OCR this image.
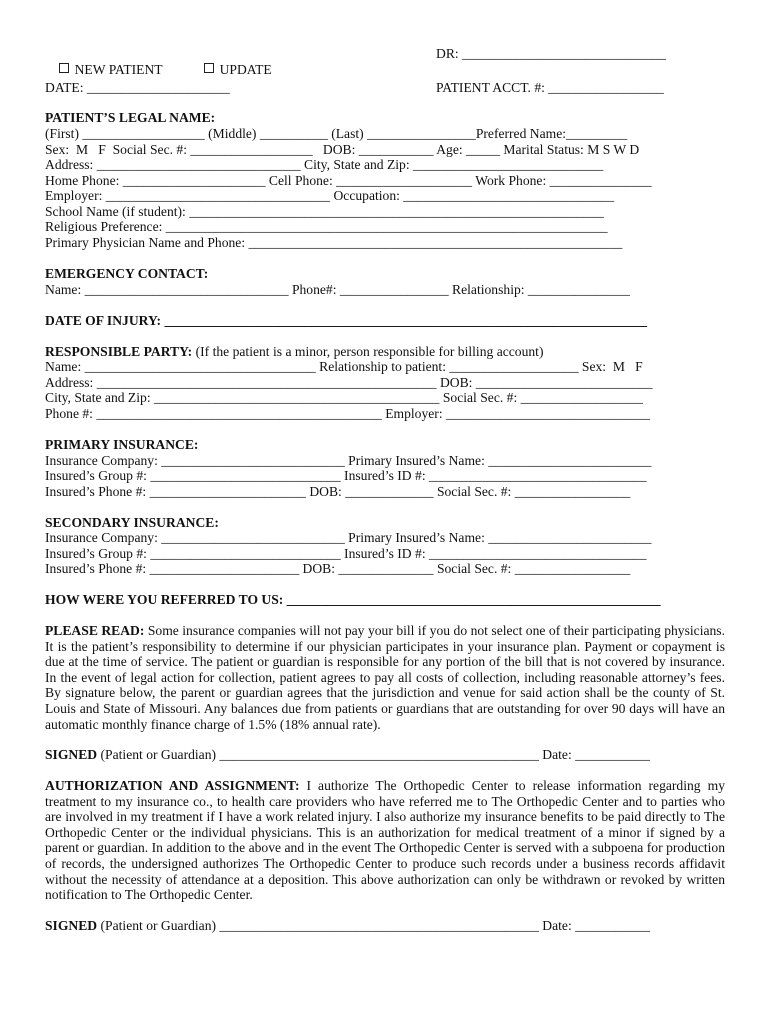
NEW PATIENT
	UPDATE

DR: ______________________________
DATE: _____________________	PATIENT ACCT. #: _________________
PATIENT’S LEGAL NAME:
(First) __________________ (Middle) __________ (Last) ________________Preferred Name:_________
Sex:  M   F  Social Sec. #: __________________   DOB: ___________ Age: _____ Marital Status: M S W D
Address: ______________________________ City, State and Zip: ____________________________
Home Phone: _____________________ Cell Phone: ____________________ Work Phone: _______________
Employer: _________________________________ Occupation: _______________________________
School Name (if student): _____________________________________________________________
Religious Preference: _________________________________________________________________
Primary Physician Name and Phone: _______________________________________________________
EMERGENCY CONTACT:
Name: ______________________________ Phone#: ________________ Relationship: _______________
DATE OF INJURY: _______________________________________________________________________
RESPONSIBLE PARTY: (If the patient is a minor, person responsible for billing account)
Name: __________________________________ Relationship to patient: ___________________ Sex:  M   F
Address: __________________________________________________ DOB: __________________________
City, State and Zip: __________________________________________ Social Sec. #: __________________
Phone #: __________________________________________ Employer: ______________________________
PRIMARY INSURANCE:
Insurance Company: ___________________________ Primary Insured’s Name: ________________________
Insured’s Group #: ____________________________ Insured’s ID #: ________________________________
Insured’s Phone #: _______________________ DOB: _____________ Social Sec. #: _________________
SECONDARY INSURANCE:
Insurance Company: ___________________________ Primary Insured’s Name: ________________________
Insured’s Group #: ____________________________ Insured’s ID #: ________________________________
Insured’s Phone #: ______________________ DOB: ______________ Social Sec. #: _________________
HOW WERE YOU REFERRED TO US: _______________________________________________________
PLEASE READ: Some insurance companies will not pay your bill if you do not select one of their participating physicians. It is the patient’s responsibility to determine if our physician participates in your insurance plan. Payment or copayment is due at the time of service. The patient or guardian is responsible for any portion of the bill that is not covered by insurance. In the event of legal action for collection, patient agrees to pay all costs of collection, including reasonable attorney’s fees. By signature below, the parent or guardian agrees that the jurisdiction and venue for said action shall be the county of St. Louis and State of Missouri. Any balances due from patients or guardians that are outstanding for over 90 days will have an automatic monthly finance charge of 1.5% (18% annual rate).
SIGNED (Patient or Guardian) _______________________________________________ Date: ___________
AUTHORIZATION AND ASSIGNMENT: I authorize The Orthopedic Center to release information regarding my treatment to my insurance co., to health care providers who have referred me to The Orthopedic Center and to parties who are involved in my treatment if I have a work related injury. I also authorize my insurance benefits to be paid directly to The Orthopedic Center or the individual physicians. This is an authorization for medical treatment of a minor if signed by a parent or guardian. In addition to the above and in the event The Orthopedic Center is served with a subpoena for production of records, the undersigned authorizes The Orthopedic Center to produce such records under a business records affidavit without the necessity of attendance at a deposition. This above authorization can only be withdrawn or revoked by written notification to The Orthopedic Center.
SIGNED (Patient or Guardian) _______________________________________________ Date: ___________
